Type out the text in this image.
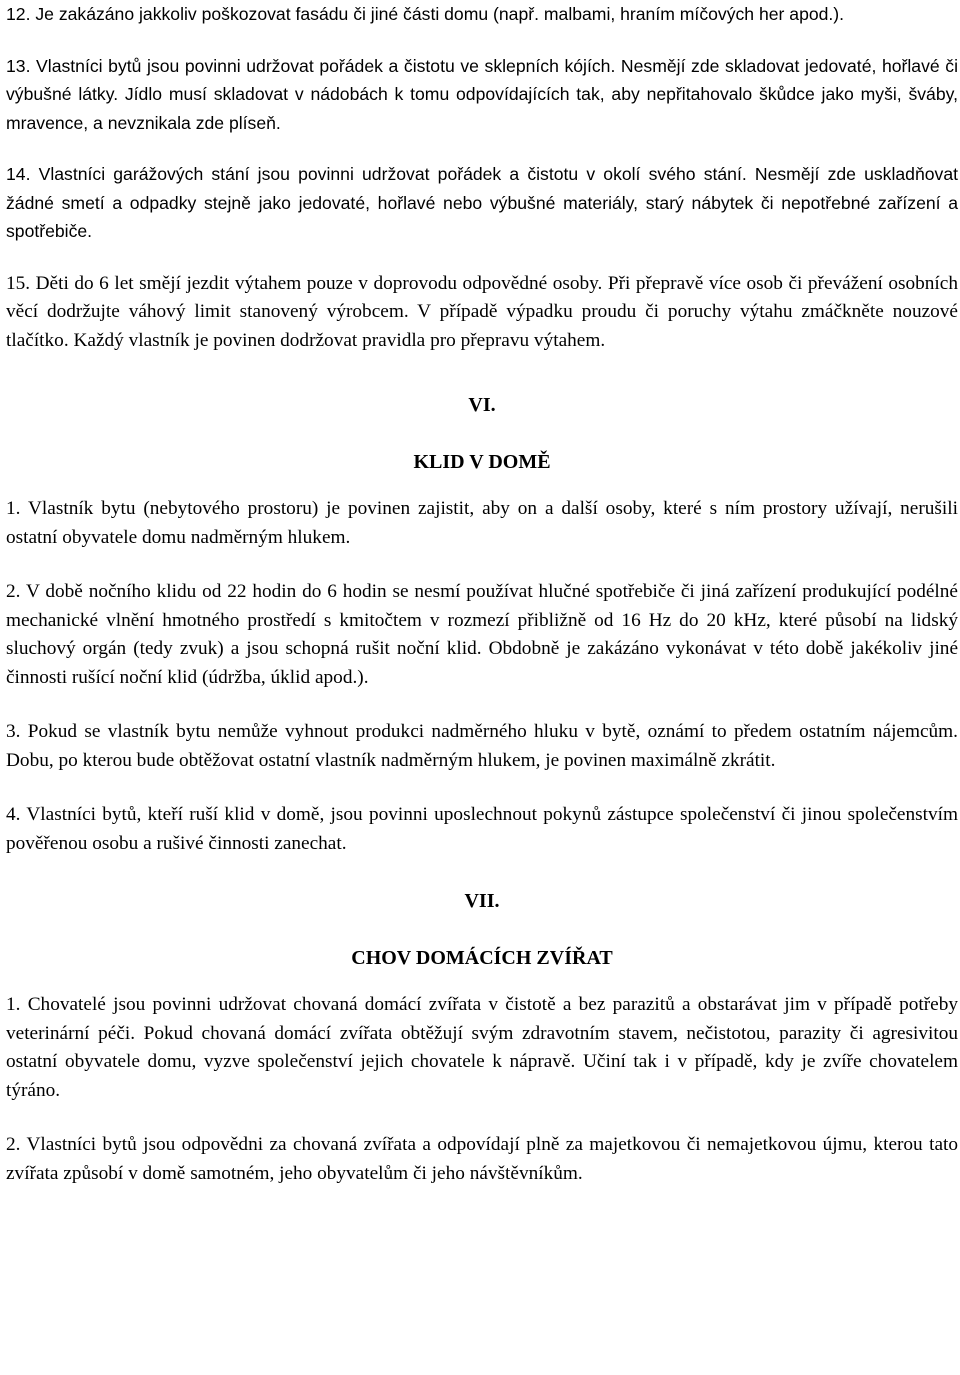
12. Je zakázáno jakkoliv poškozovat fasádu či jiné části domu (např. malbami, hraním míčových her apod.).

13. Vlastníci bytů jsou povinni udržovat pořádek a čistotu ve sklepních kójích. Nesmějí zde skladovat jedovaté, hořlavé či výbušné látky. Jídlo musí skladovat v nádobách k tomu odpovídajících tak, aby nepřitahovalo škůdce jako myši, šváby, mravence, a nevznikala zde plíseň.

14. Vlastníci garážových stání jsou povinni udržovat pořádek a čistotu v okolí svého stání. Nesmějí zde uskladňovat žádné smetí a odpadky stejně jako jedovaté, hořlavé nebo výbušné materiály, starý nábytek či nepotřebné zařízení a spotřebiče.

15. Děti do 6 let smějí jezdit výtahem pouze v doprovodu odpovědné osoby. Při přepravě více osob či převážení osobních věcí dodržujte váhový limit stanovený výrobcem. V případě výpadku proudu či poruchy výtahu zmáčkněte nouzové tlačítko. Každý vlastník je povinen dodržovat pravidla pro přepravu výtahem.

VI.

KLID V DOMĚ

1. Vlastník bytu (nebytového prostoru) je povinen zajistit, aby on a další osoby, které s ním prostory užívají, nerušili ostatní obyvatele domu nadměrným hlukem.

2. V době nočního klidu od 22 hodin do 6 hodin se nesmí používat hlučné spotřebiče či jiná zařízení produkující podélné mechanické vlnění hmotného prostředí s kmitočtem v rozmezí přibližně od 16 Hz do 20 kHz, které působí na lidský sluchový orgán (tedy zvuk) a jsou schopná rušit noční klid. Obdobně je zakázáno vykonávat v této době jakékoliv jiné činnosti rušící noční klid (údržba, úklid apod.).

3. Pokud se vlastník bytu nemůže vyhnout produkci nadměrného hluku v bytě, oznámí to předem ostatním nájemcům. Dobu, po kterou bude obtěžovat ostatní vlastník nadměrným hlukem, je povinen maximálně zkrátit.

4. Vlastníci bytů, kteří ruší klid v domě, jsou povinni uposlechnout pokynů zástupce společenství či jinou společenstvím pověřenou osobu a rušivé činnosti zanechat.

VII.

CHOV DOMÁCÍCH ZVÍŘAT

1. Chovatelé jsou povinni udržovat chovaná domácí zvířata v čistotě a bez parazitů a obstarávat jim v případě potřeby veterinární péči. Pokud chovaná domácí zvířata obtěžují svým zdravotním stavem, nečistotou, parazity či agresivitou ostatní obyvatele domu, vyzve společenství jejich chovatele k nápravě. Učiní tak i v případě, kdy je zvíře chovatelem týráno.

2. Vlastníci bytů jsou odpovědni za chovaná zvířata a odpovídají plně za majetkovou či nemajetkovou újmu, kterou tato zvířata způsobí v domě samotném, jeho obyvatelům či jeho návštěvníkům.
